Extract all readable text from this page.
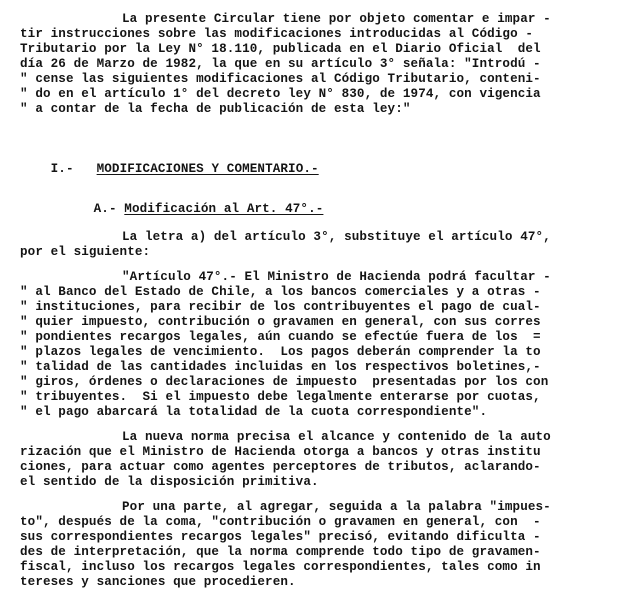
La presente Circular tiene por objeto comentar e impar -
tir instrucciones sobre las modificaciones introducidas al Código -
Tributario por la Ley N° 18.110, publicada en el Diario Oficial  del
día 26 de Marzo de 1982, la que en su artículo 3° señala: "Introdú -
" cense las siguientes modificaciones al Código Tributario, conteni-
" do en el artículo 1° del decreto ley N° 830, de 1974, con vigencia
" a contar de la fecha de publicación de esta ley:"

I.- MODIFICACIONES Y COMENTARIO.-

A.- Modificación al Art. 47°.-

La letra a) del artículo 3°, substituye el artículo 47°,
por el siguiente:
"Artículo 47°.- El Ministro de Hacienda podrá facultar -
" al Banco del Estado de Chile, a los bancos comerciales y a otras -
" instituciones, para recibir de los contribuyentes el pago de cual-
" quier impuesto, contribución o gravamen en general, con sus corres
" pondientes recargos legales, aún cuando se efectúe fuera de los  =
" plazos legales de vencimiento.  Los pagos deberán comprender la to
" talidad de las cantidades incluidas en los respectivos boletines,-
" giros, órdenes o declaraciones de impuesto  presentadas por los con
" tribuyentes.  Si el impuesto debe legalmente enterarse por cuotas,
" el pago abarcará la totalidad de la cuota correspondiente".
La nueva norma precisa el alcance y contenido de la auto
rización que el Ministro de Hacienda otorga a bancos y otras institu
ciones, para actuar como agentes perceptores de tributos, aclarando-
el sentido de la disposición primitiva.
Por una parte, al agregar, seguida a la palabra "impues-
to", después de la coma, "contribución o gravamen en general, con  -
sus correspondientes recargos legales" precisó, evitando dificulta -
des de interpretación, que la norma comprende todo tipo de gravamen-
fiscal, incluso los recargos legales correspondientes, tales como in
tereses y sanciones que procedieren.
